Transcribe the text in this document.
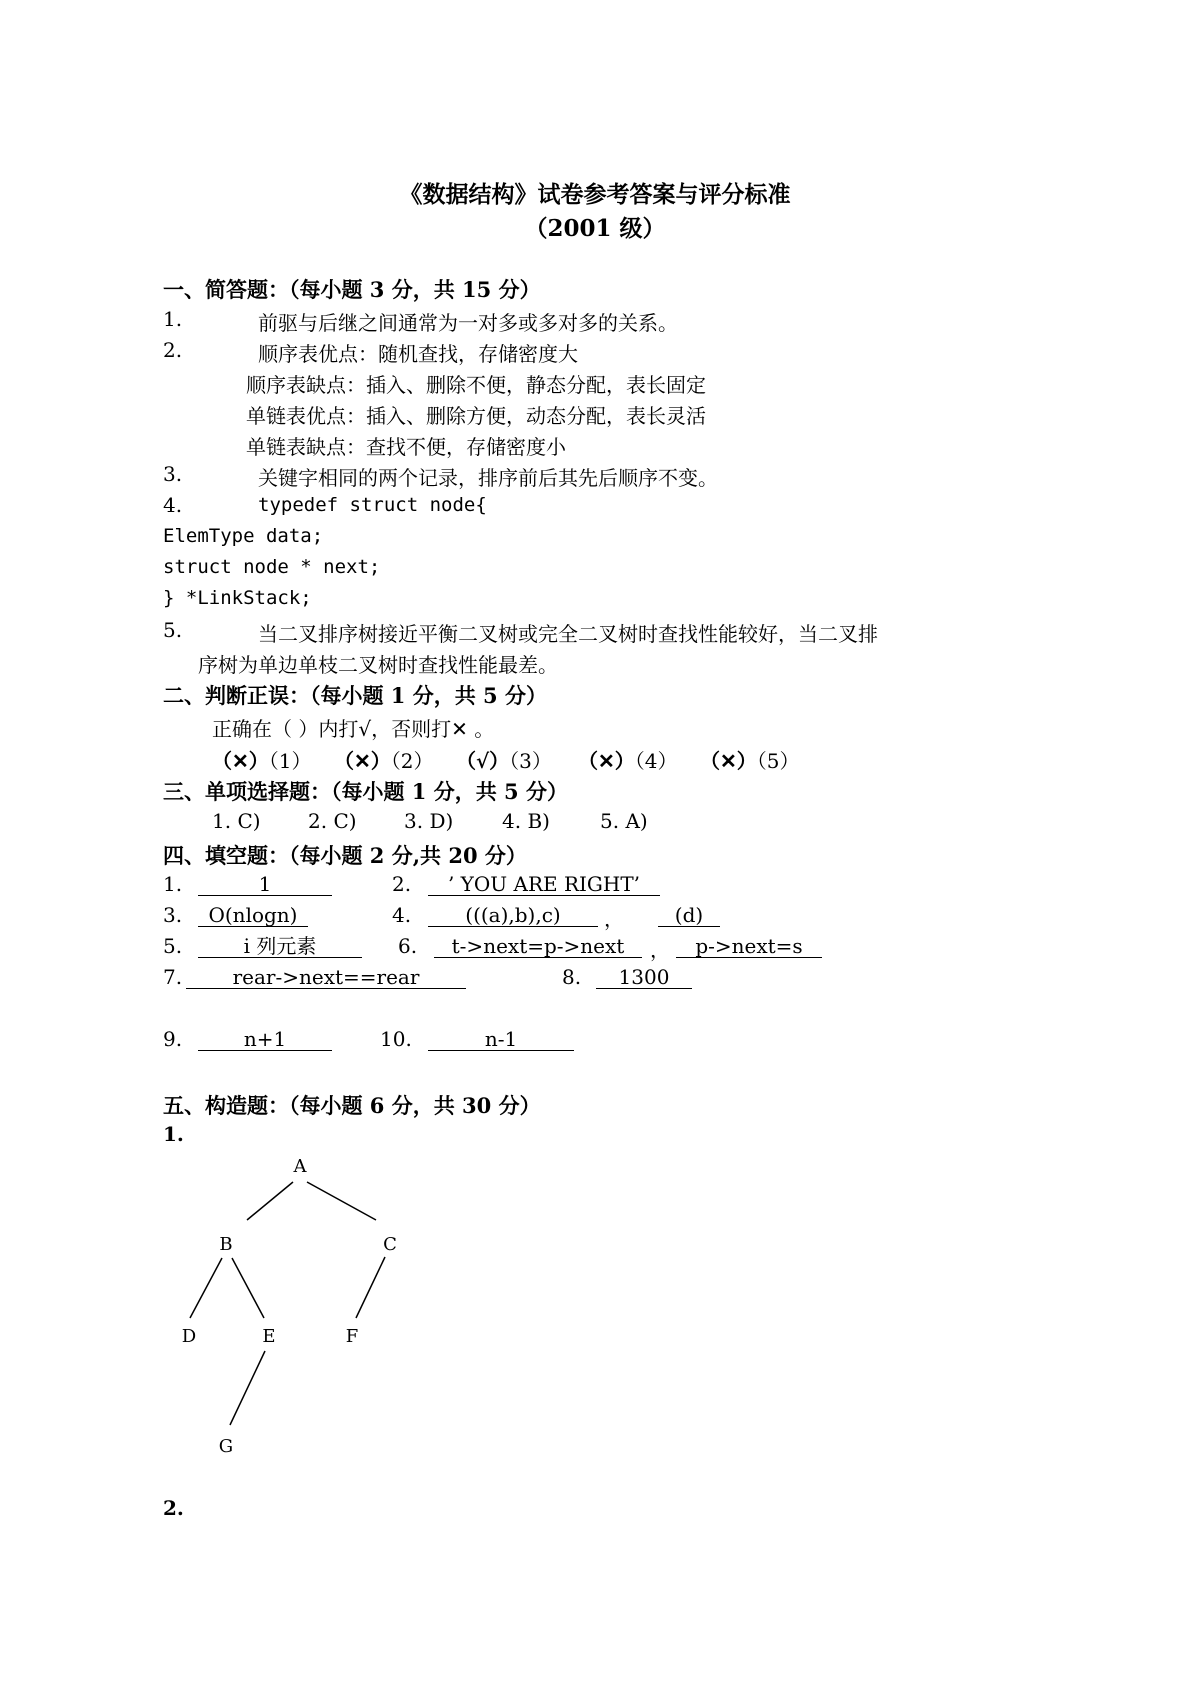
《数据结构》试卷参考答案与评分标准
（2001 级）
一、简答题：（每小题 3 分，共 15 分）
1.	前驱与后继之间通常为一对多或多对多的关系。
2.	顺序表优点：随机查找，存储密度大
顺序表缺点：插入、删除不便，静态分配，表长固定
单链表优点：插入、删除方便，动态分配，表长灵活
单链表缺点：查找不便，存储密度小
3.	关键字相同的两个记录，排序前后其先后顺序不变。
4.	typedef struct node{
ElemType data;
struct node * next;
} *LinkStack;
5.	当二叉排序树接近平衡二叉树或完全二叉树时查找性能较好，当二叉排
序树为单边单枝二叉树时查找性能最差。
二、判断正误：（每小题 1 分，共 5 分）
正确在（ ）内打√，否则打✕ 。
（✕）（1） （✕）（2） （√）（3） （✕）（4） （✕）（5）
三、单项选择题：（每小题 1 分，共 5 分）
1. C) 2. C) 3. D) 4. B)	5. A)
四、填空题：（每小题 2 分,共 20 分）
1.	1	2.	’ YOU ARE RIGHT’
3.	O(nlogn)	4.	(((a),b),c)	，	(d)
5.	i 列元素	6.	t->next=p->next	，	p->next=s
7.	rear->next==rear	8.	1300
9.	n+1	10.	n-1
五、构造题：（每小题 6 分，共 30 分）
1.
A
B	C
D	E	F
G
2.
